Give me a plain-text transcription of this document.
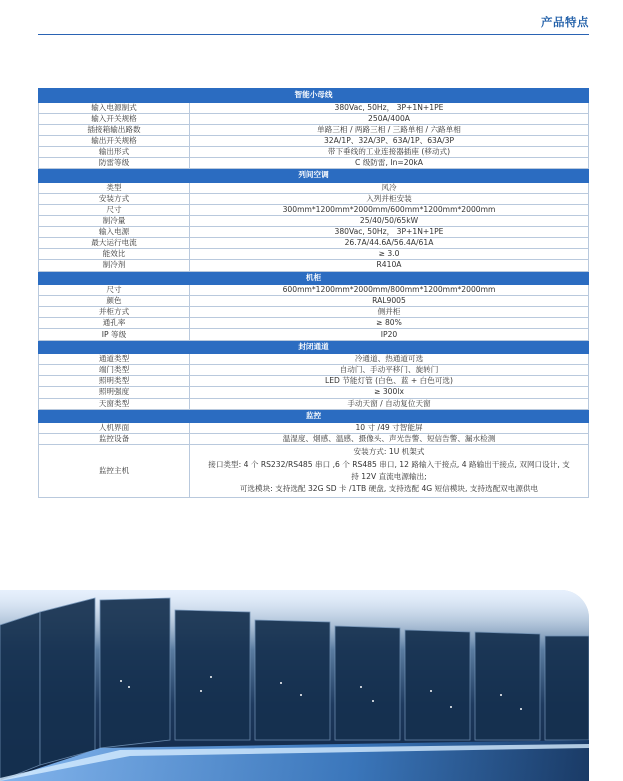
产品特点
智能小母线	
输入电源制式	380Vac, 50Hz， 3P+1N+1PE
输入开关规格	250A/400A
插接箱输出路数	单路三相 / 两路三相 / 三路单相 / 六路单相
输出开关规格	32A/1P、32A/3P、63A/1P、63A/3P
输出形式	带下垂线的工业连接器插座 (移动式)
防雷等级	C 级防雷, In=20kA
列间空调	
类型	风冷
安装方式	入列并柜安装
尺寸	300mm*1200mm*2000mm/600mm*1200mm*2000mm
制冷量	25/40/50/65kW
输入电源	380Vac, 50Hz， 3P+1N+1PE
最大运行电流	26.7A/44.6A/56.4A/61A
能效比	≥ 3.0
制冷剂	R410A
机柜	
尺寸	600mm*1200mm*2000mm/800mm*1200mm*2000mm
颜色	RAL9005
并柜方式	侧并柜
通孔率	≥ 80%
IP 等级	IP20
封闭通道	
通道类型	冷通道、热通道可选
端门类型	自动门、手动平移门、旋转门
照明类型	LED 节能灯管 (白色、蓝 + 白色可选)
照明强度	≥ 300lx
天窗类型	手动天窗 / 自动复位天窗
监控	
人机界面	10 寸 /49 寸智能屏
监控设备	温湿度、烟感、温感、摄像头、声光告警、短信告警、漏水检测
监控主机	安装方式: 1U 机架式
接口类型: 4 个 RS232/RS485 串口 ,6 个 RS485 串口, 12 路输入干接点, 4 路输出干接点, 双网口设计, 支
持 12V 直流电源输出;
可选模块: 支持选配 32G SD 卡 /1TB 硬盘, 支持选配 4G 短信模块, 支持选配双电源供电
